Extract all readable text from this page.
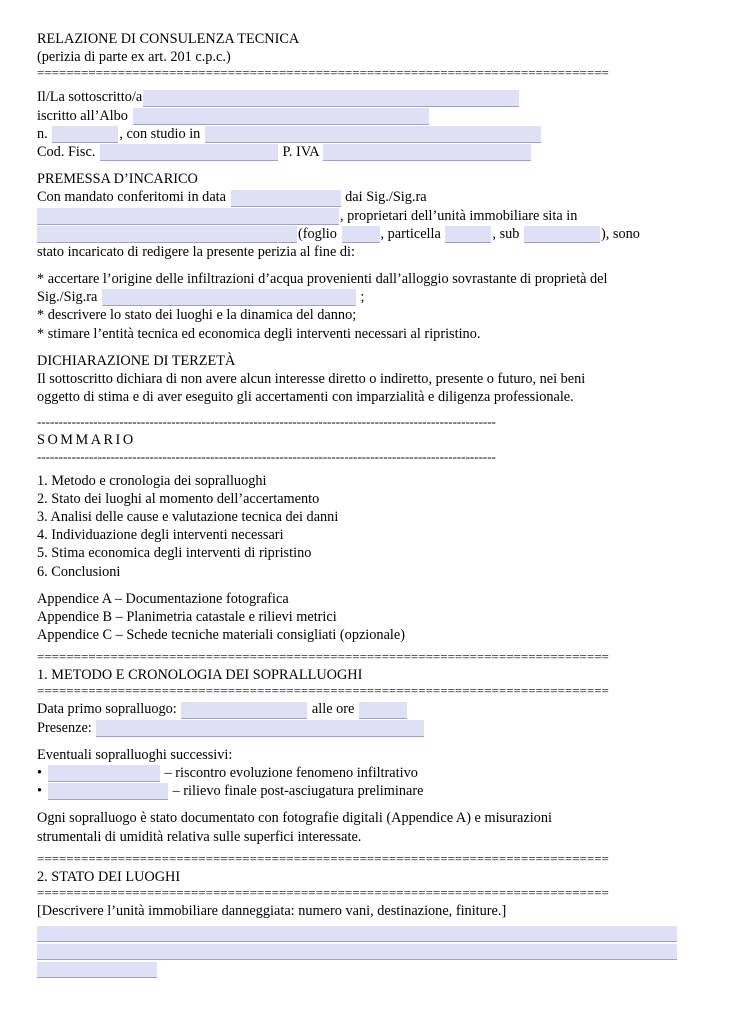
RELAZIONE DI CONSULENZA TECNICA
(perizia di parte ex art. 201 c.p.c.)
==============================================================================
Il/La sottoscritto/a
iscritto all’Albo
n.	, con studio in
Cod. Fisc.	P. IVA
PREMESSA D’INCARICO
Con mandato conferitomi in data	dai Sig./Sig.ra
, proprietari dell’unità immobiliare sita in
(foglio	, particella	, sub	), sono
stato incaricato di redigere la presente perizia al fine di:
* accertare l’origine delle infiltrazioni d’acqua provenienti dall’alloggio sovrastante di proprietà del
Sig./Sig.ra	;
* descrivere lo stato dei luoghi e la dinamica del danno;
* stimare l’entità tecnica ed economica degli interventi necessari al ripristino.
DICHIARAZIONE DI TERZETÀ
Il sottoscritto dichiara di non avere alcun interesse diretto o indiretto, presente o futuro, nei beni
oggetto di stima e di aver eseguito gli accertamenti con imparzialità e diligenza professionale.
----------------------------------------------------------------------------------------------------------
SOMMARIO
----------------------------------------------------------------------------------------------------------
1. Metodo e cronologia dei sopralluoghi
2. Stato dei luoghi al momento dell’accertamento
3. Analisi delle cause e valutazione tecnica dei danni
4. Individuazione degli interventi necessari
5. Stima economica degli interventi di ripristino
6. Conclusioni
Appendice A – Documentazione fotografica
Appendice B – Planimetria catastale e rilievi metrici
Appendice C – Schede tecniche materiali consigliati (opzionale)
==============================================================================
1. METODO E CRONOLOGIA DEI SOPRALLUOGHI
==============================================================================
Data primo sopralluogo:	alle ore
Presenze:
Eventuali sopralluoghi successivi:
•	– riscontro evoluzione fenomeno infiltrativo
•	– rilievo finale post-asciugatura preliminare
Ogni sopralluogo è stato documentato con fotografie digitali (Appendice A) e misurazioni
strumentali di umidità relativa sulle superfici interessate.
==============================================================================
2. STATO DEI LUOGHI
==============================================================================
[Descrivere l’unità immobiliare danneggiata: numero vani, destinazione, finiture.]
